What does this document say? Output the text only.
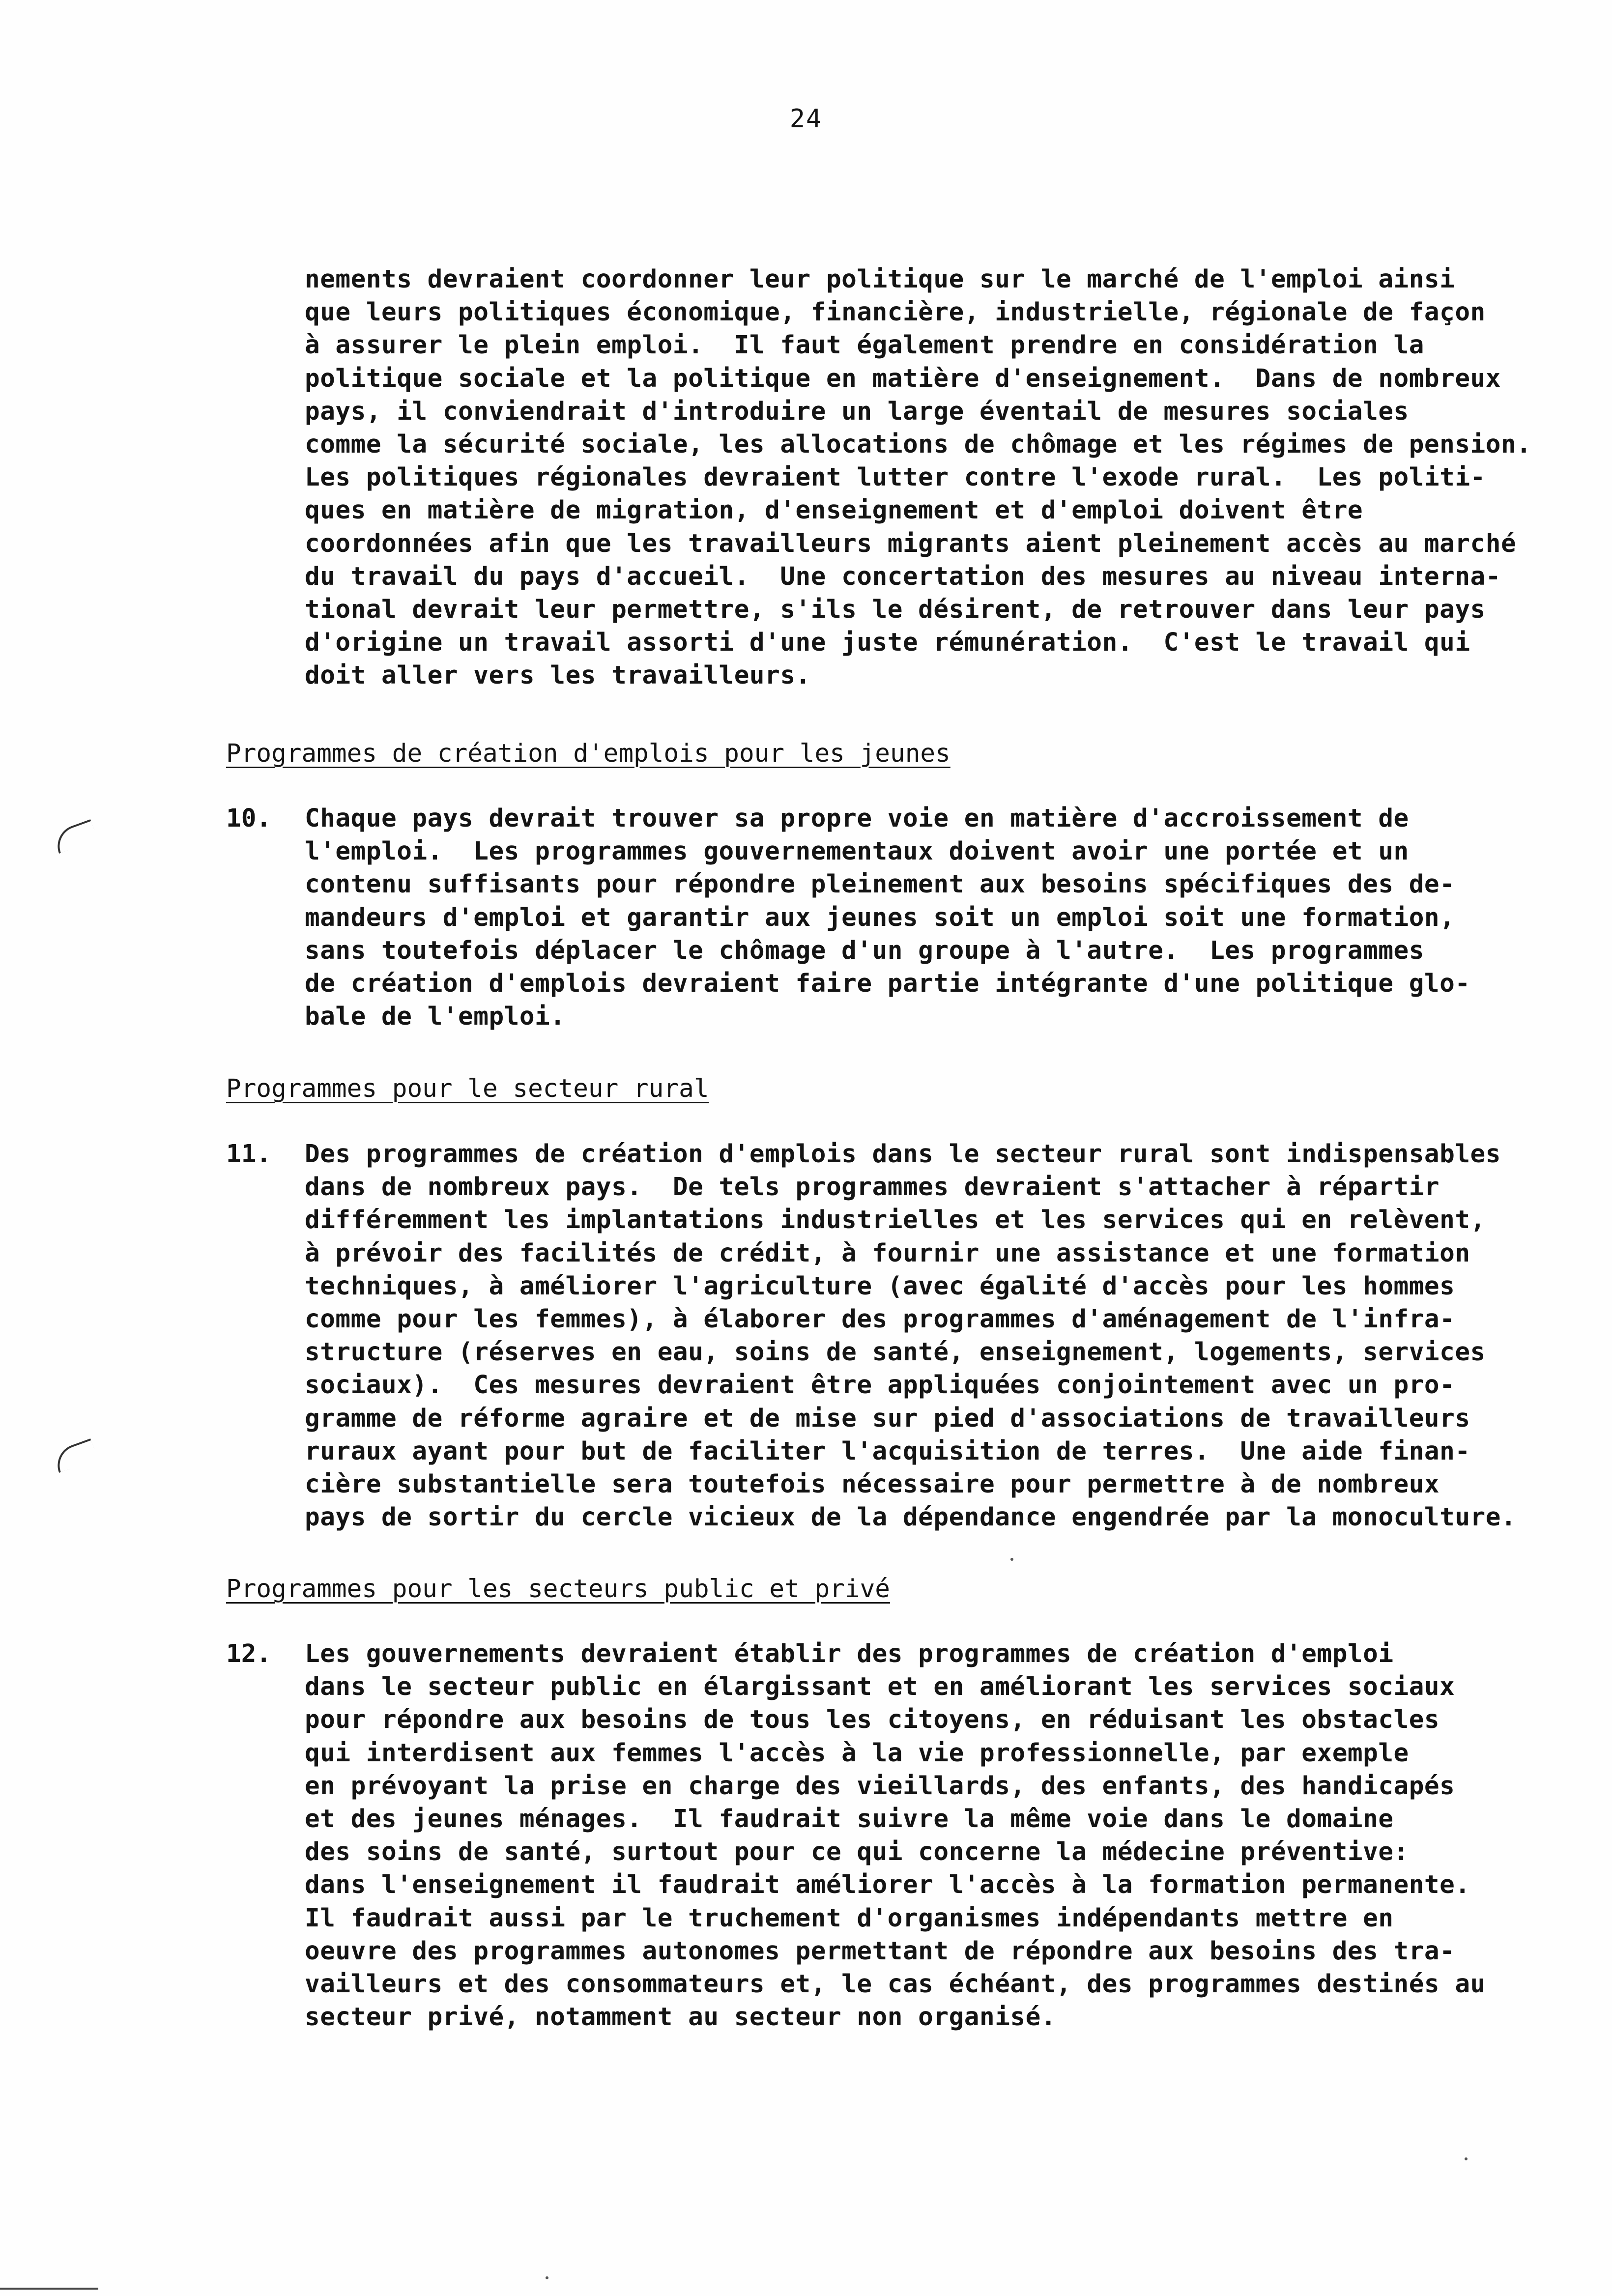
24
nements devraient coordonner leur politique sur le marché de l'emploi ainsi
que leurs politiques économique, financière, industrielle, régionale de façon
à assurer le plein emploi.  Il faut également prendre en considération la
politique sociale et la politique en matière d'enseignement.  Dans de nombreux
pays, il conviendrait d'introduire un large éventail de mesures sociales
comme la sécurité sociale, les allocations de chômage et les régimes de pension.
Les politiques régionales devraient lutter contre l'exode rural.  Les politi-
ques en matière de migration, d'enseignement et d'emploi doivent être
coordonnées afin que les travailleurs migrants aient pleinement accès au marché
du travail du pays d'accueil.  Une concertation des mesures au niveau interna-
tional devrait leur permettre, s'ils le désirent, de retrouver dans leur pays
d'origine un travail assorti d'une juste rémunération.  C'est le travail qui
doit aller vers les travailleurs.
Programmes de création d'emplois pour les jeunes
10. Chaque pays devrait trouver sa propre voie en matière d'accroissement de
l'emploi.  Les programmes gouvernementaux doivent avoir une portée et un
contenu suffisants pour répondre pleinement aux besoins spécifiques des de-
mandeurs d'emploi et garantir aux jeunes soit un emploi soit une formation,
sans toutefois déplacer le chômage d'un groupe à l'autre.  Les programmes
de création d'emplois devraient faire partie intégrante d'une politique glo-
bale de l'emploi.
Programmes pour le secteur rural
11. Des programmes de création d'emplois dans le secteur rural sont indispensables
dans de nombreux pays.  De tels programmes devraient s'attacher à répartir
différemment les implantations industrielles et les services qui en relèvent,
à prévoir des facilités de crédit, à fournir une assistance et une formation
techniques, à améliorer l'agriculture (avec égalité d'accès pour les hommes
comme pour les femmes), à élaborer des programmes d'aménagement de l'infra-
structure (réserves en eau, soins de santé, enseignement, logements, services
sociaux).  Ces mesures devraient être appliquées conjointement avec un pro-
gramme de réforme agraire et de mise sur pied d'associations de travailleurs
ruraux ayant pour but de faciliter l'acquisition de terres.  Une aide finan-
cière substantielle sera toutefois nécessaire pour permettre à de nombreux
pays de sortir du cercle vicieux de la dépendance engendrée par la monoculture.
Programmes pour les secteurs public et privé
12. Les gouvernements devraient établir des programmes de création d'emploi
dans le secteur public en élargissant et en améliorant les services sociaux
pour répondre aux besoins de tous les citoyens, en réduisant les obstacles
qui interdisent aux femmes l'accès à la vie professionnelle, par exemple
en prévoyant la prise en charge des vieillards, des enfants, des handicapés
et des jeunes ménages.  Il faudrait suivre la même voie dans le domaine
des soins de santé, surtout pour ce qui concerne la médecine préventive:
dans l'enseignement il faudrait améliorer l'accès à la formation permanente.
Il faudrait aussi par le truchement d'organismes indépendants mettre en
oeuvre des programmes autonomes permettant de répondre aux besoins des tra-
vailleurs et des consommateurs et, le cas échéant, des programmes destinés au
secteur privé, notamment au secteur non organisé.
